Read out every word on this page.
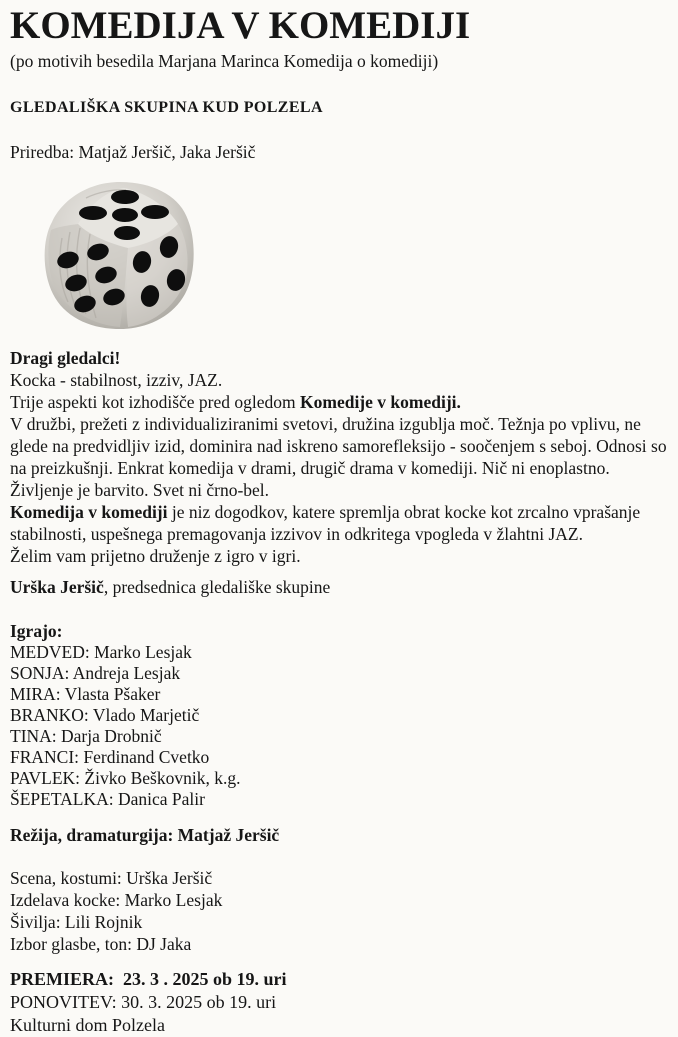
KOMEDIJA V KOMEDIJI
(po motivih besedila Marjana Marinca Komedija o komediji)
GLEDALIŠKA SKUPINA KUD POLZELA
Priredba: Matjaž Jeršič, Jaka Jeršič
Dragi gledalci!
Kocka - stabilnost, izziv, JAZ.
Trije aspekti kot izhodišče pred ogledom Komedije v komediji.
V družbi, prežeti z individualiziranimi svetovi, družina izgublja moč. Težnja po vplivu, ne
glede na predvidljiv izid, dominira nad iskreno samorefleksijo - soočenjem s seboj. Odnosi so
na preizkušnji. Enkrat komedija v drami, drugič drama v komediji. Nič ni enoplastno.
Življenje je barvito. Svet ni črno-bel.
Komedija v komediji je niz dogodkov, katere spremlja obrat kocke kot zrcalno vprašanje
stabilnosti, uspešnega premagovanja izzivov in odkritega vpogleda v žlahtni JAZ.
Želim vam prijetno druženje z igro v igri.
Urška Jeršič, predsednica gledališke skupine
Igrajo:
MEDVED: Marko Lesjak
SONJA: Andreja Lesjak
MIRA: Vlasta Pšaker
BRANKO: Vlado Marjetič
TINA: Darja Drobnič
FRANCI: Ferdinand Cvetko
PAVLEK: Živko Beškovnik, k.g.
ŠEPETALKA: Danica Palir
Režija, dramaturgija: Matjaž Jeršič
Scena, kostumi: Urška Jeršič
Izdelava kocke: Marko Lesjak
Šivilja: Lili Rojnik
Izbor glasbe, ton: DJ Jaka
PREMIERA:  23. 3 . 2025 ob 19. uri
PONOVITEV: 30. 3. 2025 ob 19. uri
Kulturni dom Polzela
